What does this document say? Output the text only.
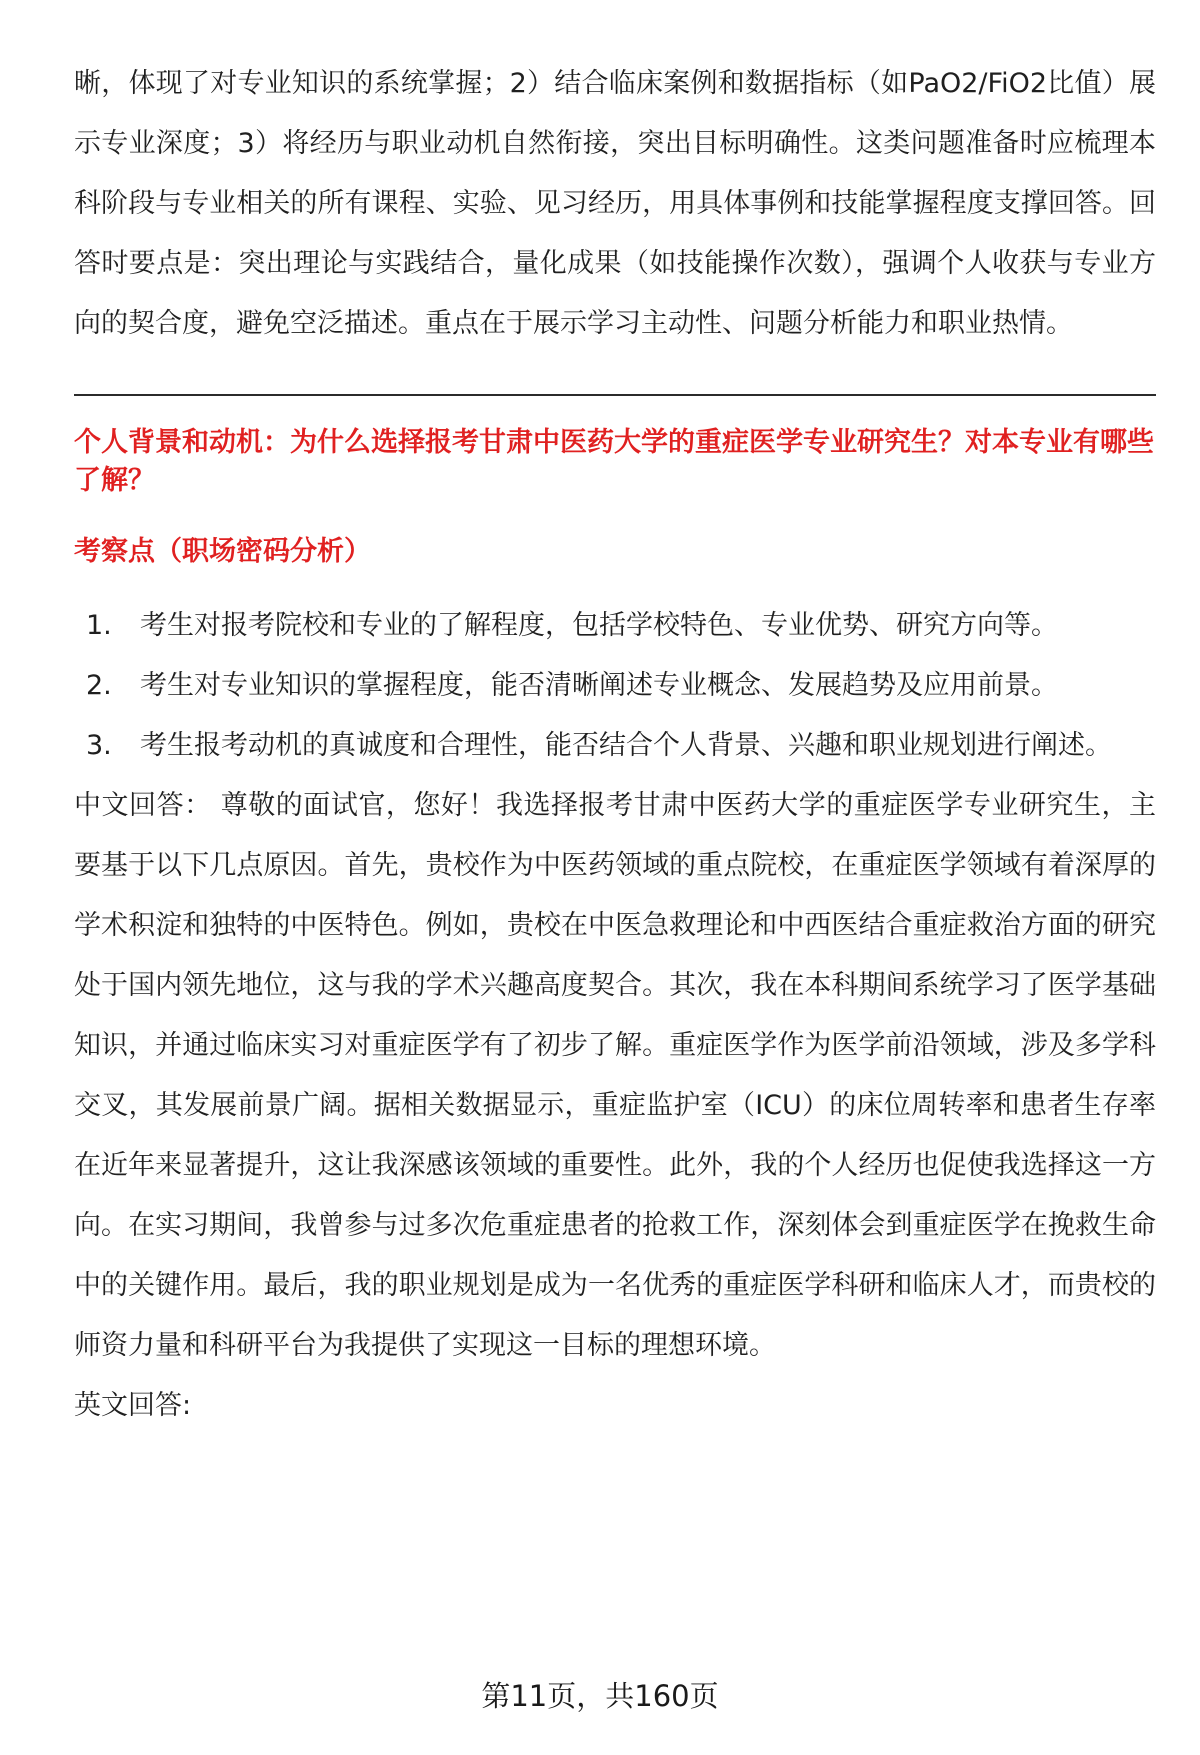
晰，体现了对专业知识的系统掌握；2）结合临床案例和数据指标（如PaO2/FiO2比值）展示专业深度；3）将经历与职业动机自然衔接，突出目标明确性。这类问题准备时应梳理本科阶段与专业相关的所有课程、实验、见习经历，用具体事例和技能掌握程度支撑回答。回答时要点是：突出理论与实践结合，量化成果（如技能操作次数），强调个人收获与专业方向的契合度，避免空泛描述。重点在于展示学习主动性、问题分析能力和职业热情。

个人背景和动机：为什么选择报考甘肃中医药大学的重症医学专业研究生？对本专业有哪些了解？
考察点（职场密码分析）
1.	考生对报考院校和专业的了解程度，包括学校特色、专业优势、研究方向等。
2.	考生对专业知识的掌握程度，能否清晰阐述专业概念、发展趋势及应用前景。
3.	考生报考动机的真诚度和合理性，能否结合个人背景、兴趣和职业规划进行阐述。

中文回答： 尊敬的面试官，您好！我选择报考甘肃中医药大学的重症医学专业研究生，主要基于以下几点原因。首先，贵校作为中医药领域的重点院校，在重症医学领域有着深厚的学术积淀和独特的中医特色。例如，贵校在中医急救理论和中西医结合重症救治方面的研究处于国内领先地位，这与我的学术兴趣高度契合。其次，我在本科期间系统学习了医学基础知识，并通过临床实习对重症医学有了初步了解。重症医学作为医学前沿领域，涉及多学科交叉，其发展前景广阔。据相关数据显示，重症监护室（ICU）的床位周转率和患者生存率在近年来显著提升，这让我深感该领域的重要性。此外，我的个人经历也促使我选择这一方向。在实习期间，我曾参与过多次危重症患者的抢救工作，深刻体会到重症医学在挽救生命中的关键作用。最后，我的职业规划是成为一名优秀的重症医学科研和临床人才，而贵校的师资力量和科研平台为我提供了实现这一目标的理想环境。

英文回答:

第11页，共160页
